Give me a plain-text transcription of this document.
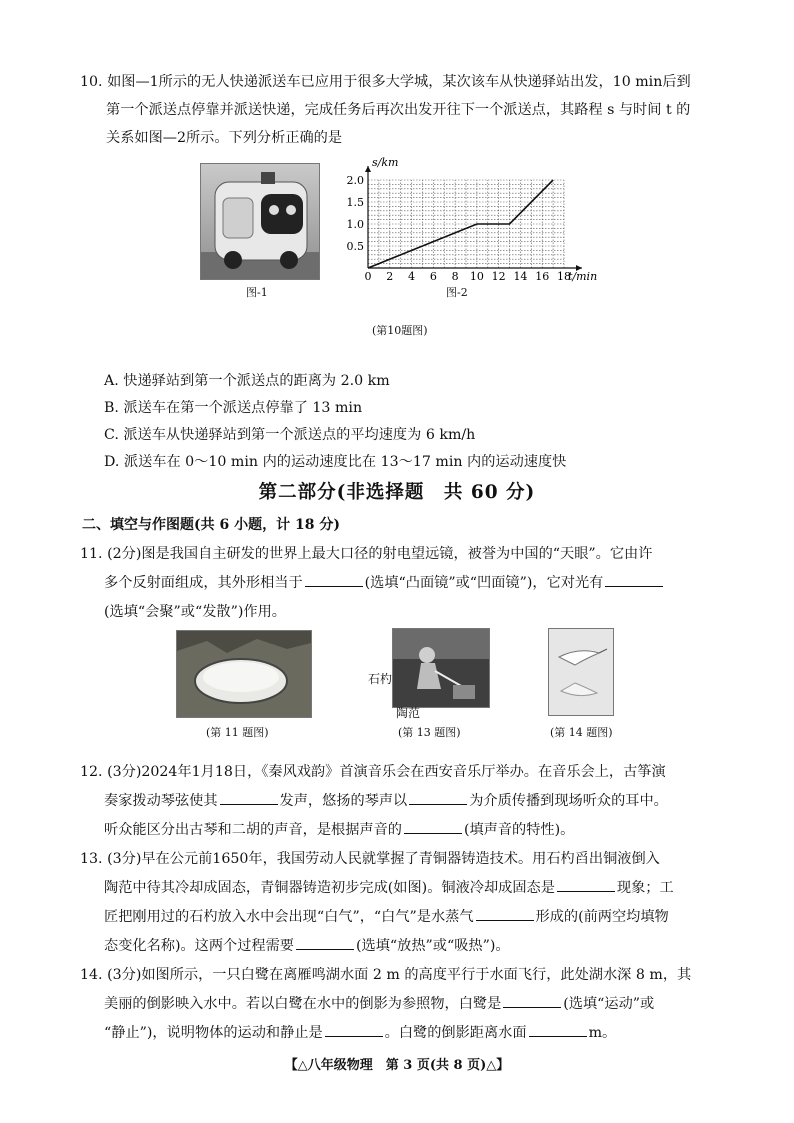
10. 如图—1所示的无人快递派送车已应用于很多大学城，某次该车从快递驿站出发，10 min后到
第一个派送点停靠并派送快递，完成任务后再次出发开往下一个派送点，其路程 s 与时间 t 的
关系如图—2所示。下列分析正确的是
图-1
0 2 4 6 8 10 12 14 16 18
0.5
1.0
1.5
2.0
s/km
t/min
图-2
(第10题图)
A. 快递驿站到第一个派送点的距离为 2.0 km
B. 派送车在第一个派送点停靠了 13 min
C. 派送车从快递驿站到第一个派送点的平均速度为 6 km/h
D. 派送车在 0～10 min 内的运动速度比在 13～17 min 内的运动速度快
第二部分(非选择题　共 60 分)
二、填空与作图题(共 6 小题，计 18 分)
11. (2分)图是我国自主研发的世界上最大口径的射电望远镜，被誉为中国的“天眼”。它由许
多个反射面组成，其外形相当于	(选填“凸面镜”或“凹面镜”)，它对光有
(选填“会聚”或“发散”)作用。
石杓
陶范
(第 11 题图)	(第 13 题图)	(第 14 题图)
12. (3分)2024年1月18日，《秦风戏韵》首演音乐会在西安音乐厅举办。在音乐会上，古筝演
奏家拨动琴弦使其	发声，悠扬的琴声以	为介质传播到现场听众的耳中。
听众能区分出古琴和二胡的声音，是根据声音的	(填声音的特性)。
13. (3分)早在公元前1650年，我国劳动人民就掌握了青铜器铸造技术。用石杓舀出铜液倒入
陶范中待其冷却成固态，青铜器铸造初步完成(如图)。铜液冷却成固态是	现象；工
匠把刚用过的石杓放入水中会出现“白气”，“白气”是水蒸气	形成的(前两空均填物
态变化名称)。这两个过程需要	(选填“放热”或“吸热”)。
14. (3分)如图所示，一只白鹭在离雁鸣湖水面 2 m 的高度平行于水面飞行，此处湖水深 8 m，其
美丽的倒影映入水中。若以白鹭在水中的倒影为参照物，白鹭是	(选填“运动”或
“静止”)，说明物体的运动和静止是	。白鹭的倒影距离水面	m。
【△八年级物理　第 3 页(共 8 页)△】
